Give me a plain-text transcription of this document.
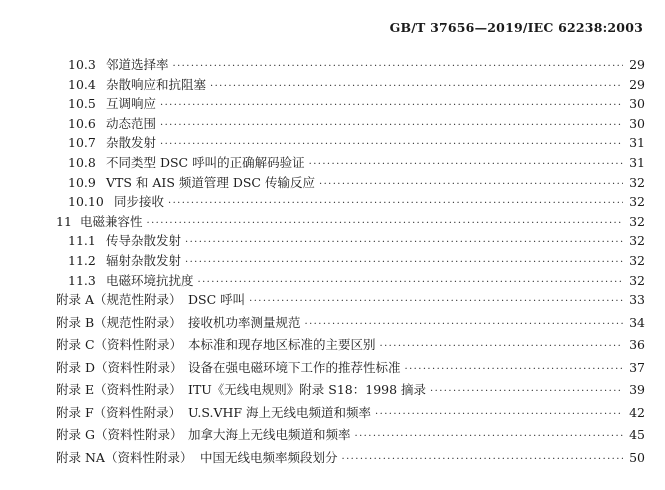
GB/T 37656—2019/IEC 62238:2003
10.3 邻道选择率 ·····	29
10.4 杂散响应和抗阻塞 ·····	29
10.5 互调响应 ·····	30
10.6 动态范围 ·····	30
10.7 杂散发射 ·····	31
10.8 不同类型 DSC 呼叫的正确解码验证 ·····	31
10.9 VTS 和 AIS 频道管理 DSC 传输反应 ·····	32
10.10 同步接收 ·····	32
11 电磁兼容性 ·····	32
11.1 传导杂散发射 ·····	32
11.2 辐射杂散发射 ·····	32
11.3 电磁环境抗扰度 ·····	32
附录 A（规范性附录） DSC 呼叫 ·····	33
附录 B（规范性附录） 接收机功率测量规范 ·····	34
附录 C（资料性附录） 本标准和现存地区标准的主要区别 ·····	36
附录 D（资料性附录） 设备在强电磁环境下工作的推荐性标准 ·····	37
附录 E（资料性附录） ITU《无线电规则》附录 S18：1998 摘录 ·····	39
附录 F（资料性附录） U.S.VHF 海上无线电频道和频率 ·····	42
附录 G（资料性附录） 加拿大海上无线电频道和频率 ·····	45
附录 NA（资料性附录） 中国无线电频率频段划分 ·····	50
